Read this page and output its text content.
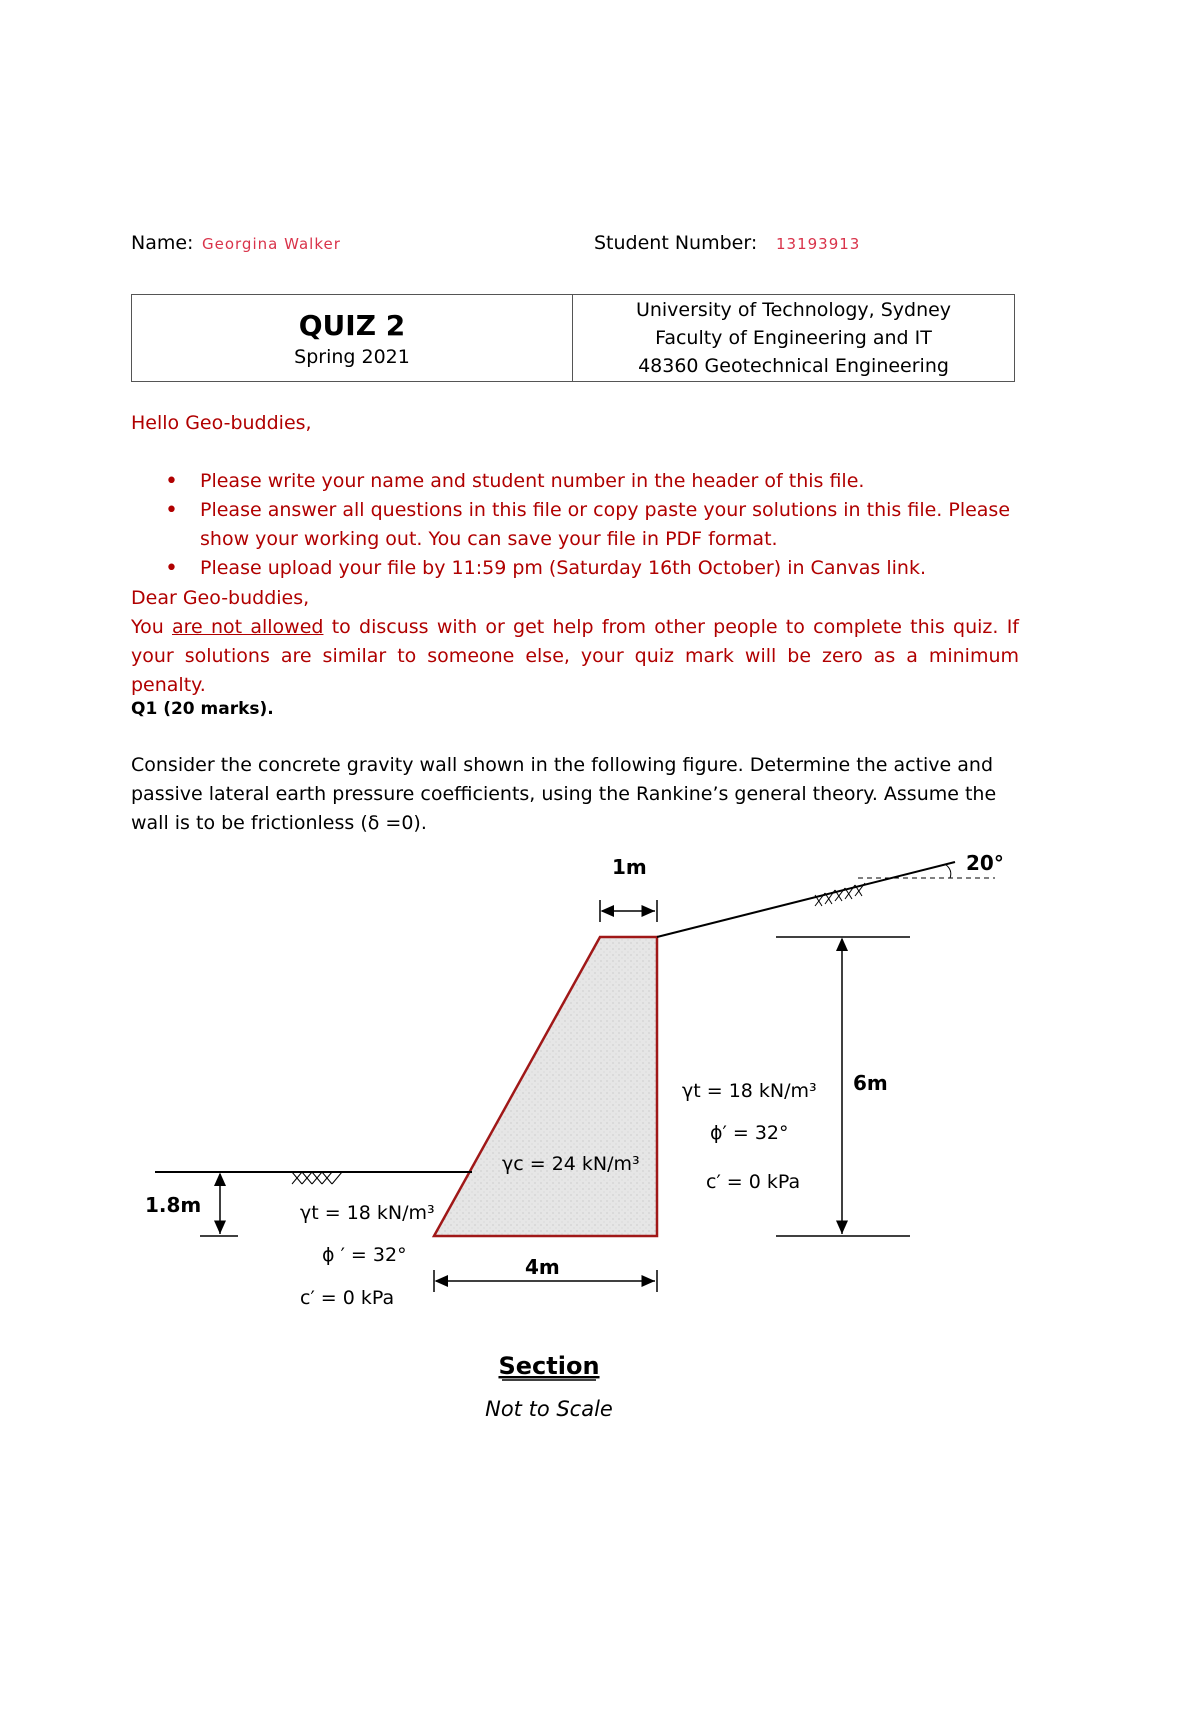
Name: Georgina Walker	Student Number: 13193913
QUIZ 2
Spring 2021
University of Technology, Sydney
Faculty of Engineering and IT
48360 Geotechnical Engineering
Hello Geo-buddies,
• Please write your name and student number in the header of this file.
• Please answer all questions in this file or copy paste your solutions in this file. Please show your working out. You can save your file in PDF format.
• Please upload your file by 11:59 pm (Saturday 16th October) in Canvas link.
Dear Geo-buddies,
You are not allowed to discuss with or get help from other people to complete this quiz. If your solutions are similar to someone else, your quiz mark will be zero as a minimum penalty.
Q1 (20 marks).
Consider the concrete gravity wall shown in the following figure. Determine the active and passive lateral earth pressure coefficients, using the Rankine’s general theory. Assume the wall is to be frictionless (δ =0).
1m	20°
6m
1.8m
4m
γc = 24 kN/m³
γt = 18 kN/m³
ϕ′ = 32°
c′ = 0 kPa
γt = 18 kN/m³
ϕ ′ = 32°
c′ = 0 kPa
Section
Not to Scale
